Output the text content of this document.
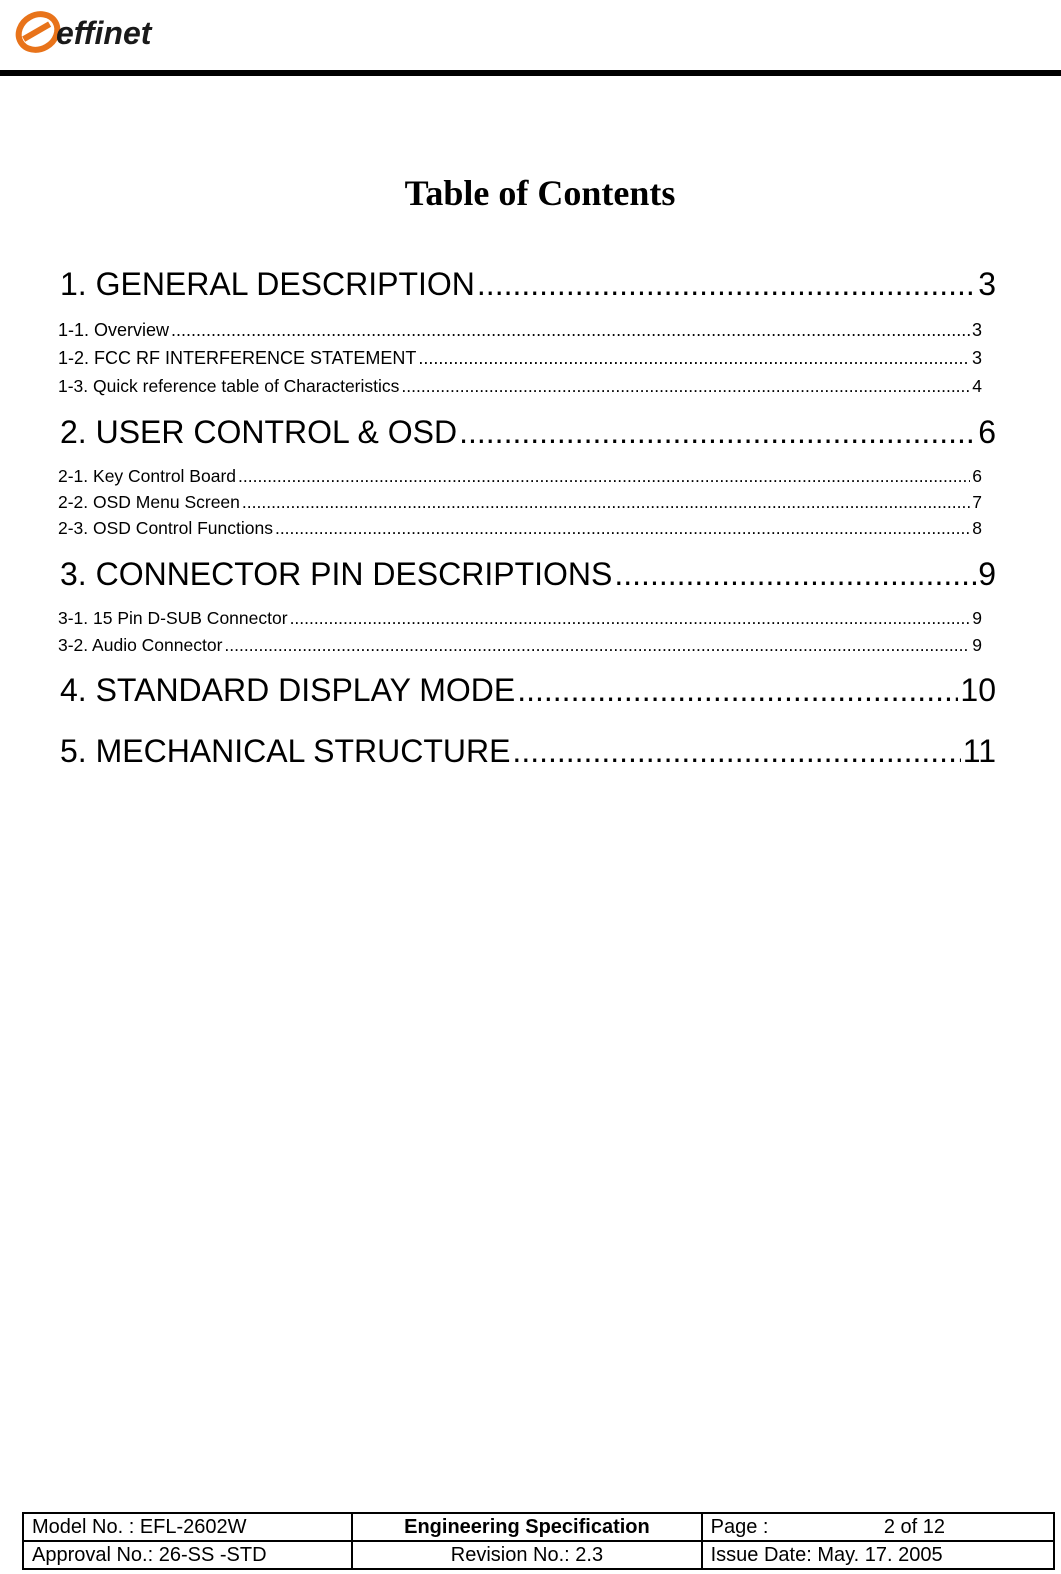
effinet
Table of Contents
1. GENERAL DESCRIPTION .....	3
1-1. Overview .....	3
1-2. FCC RF INTERFERENCE STATEMENT .....	3
1-3. Quick reference table of Characteristics .....	4
2. USER CONTROL & OSD .....	6
2-1. Key Control Board .....	6
2-2. OSD Menu Screen .....	7
2-3. OSD Control Functions .....	8
3. CONNECTOR PIN DESCRIPTIONS .....	9
3-1. 15 Pin D-SUB Connector .....	9
3-2. Audio Connector .....	9
4. STANDARD DISPLAY MODE .....	10
5. MECHANICAL STRUCTURE .....	11
Model No. : EFL-2602W	Engineering Specification	Page : 2 of 12

Approval No.: 26-SS -STD	Revision No.: 2.3	Issue Date: May. 17. 2005
